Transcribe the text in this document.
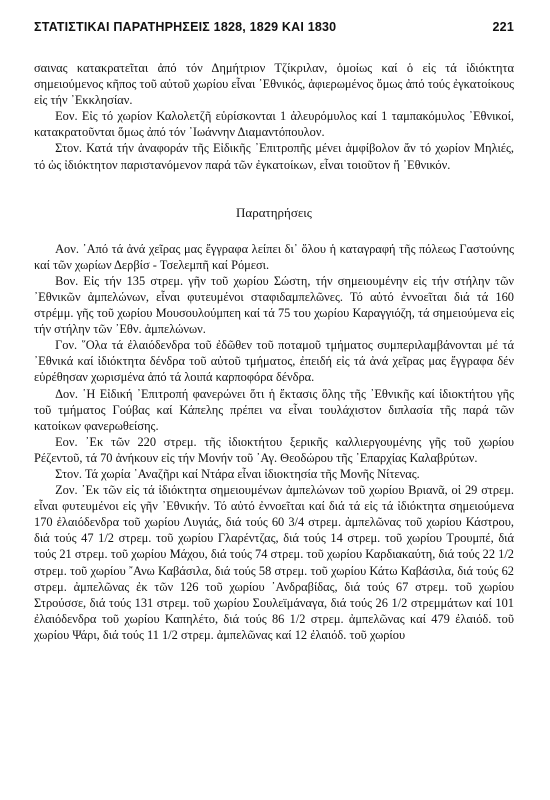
ΣΤΑΤΙΣΤΙΚΑΙ ΠΑΡΑΤΗΡΗΣΕΙΣ 1828, 1829 ΚΑΙ 1830	221

σαινας κατακρατεῖται ἀπό τόν Δημήτριον Τζίκριλαν, ὁμοίως καί ὁ εἰς τά ἰδιόκτητα σημειούμενος κῆπος τοῦ αὐτοῦ χωρίου εἶναι ᾿Εθνικός, ἀφιερωμένος ὅμως ἀπό τούς ἐγκατοίκους εἰς τήν ᾿Εκκλησίαν.

Εον. Εἰς τό χωρίον Καλολετζῆ εὑρίσκονται 1 ἀλευρόμυλος καί 1 ταμπακόμυλος ᾿Εθνικοί, κατακρατοῦνται ὅμως ἀπό τόν ᾿Ιωάννην Διαμαντόπουλον.

Στον. Κατά τήν ἀναφοράν τῆς Εἰδικῆς ᾿Επιτροπῆς μένει ἀμφίβολον ἄν τό χωρίον Μηλιές, τό ὡς ἰδιόκτητον παριστανόμενον παρά τῶν ἐγκατοίκων, εἶναι τοιοῦτον ἤ ᾿Εθνικόν.

Παρατηρήσεις

Αον. ᾿Από τά ἀνά χεῖρας μας ἔγγραφα λείπει δι᾿ ὅλου ἡ καταγραφή τῆς πόλεως Γαστούνης καί τῶν χωρίων Δερβίσ - Τσελεμπῆ καί Ρόμεσι.

Βον. Εἰς τήν 135 στρεμ. γῆν τοῦ χωρίου Σώστη, τήν σημειουμένην εἰς τήν στήλην τῶν ᾿Εθνικῶν ἀμπελώνων, εἶναι φυτευμένοι σταφιδαμπελῶνες. Τό αὐτό ἐννοεῖται διά τά 160 στρέμμ. γῆς τοῦ χωρίου Μουσουλούμπεη καί τά 75 του χωρίου Καραγγιόζη, τά σημειούμενα εἰς τήν στήλην τῶν ᾿Εθν. ἀμπελώνων.

Γον. ῞Ολα τά ἐλαιόδενδρα τοῦ ἐδῶθεν τοῦ ποταμοῦ τμήματος συμπεριλαμβάνονται μέ τά ᾿Εθνικά καί ἰδιόκτητα δένδρα τοῦ αὐτοῦ τμήματος, ἐπειδή εἰς τά ἀνά χεῖρας μας ἔγγραφα δέν εὑρέθησαν χωρισμένα ἀπό τά λοιπά καρποφόρα δένδρα.

Δον. ῾Η Εἰδική ᾿Επιτροπή φανερώνει ὅτι ἡ ἔκτασις ὅλης τῆς ᾿Εθνικῆς καί ἰδιοκτήτου γῆς τοῦ τμήματος Γούβας καί Κάπελης πρέπει να εἶναι τουλάχιστον διπλασία τῆς παρά τῶν κατοίκων φανερωθείσης.

Εον. ᾿Εκ τῶν 220 στρεμ. τῆς ἰδιοκτήτου ξερικῆς καλλιεργουμένης γῆς τοῦ χωρίου Ρέζεντοῦ, τά 70 ἀνήκουν εἰς τήν Μονήν τοῦ ᾿Αγ. Θεοδώρου τῆς ᾿Επαρχίας Καλαβρύτων.

Στον. Τά χωρία ᾿Αναζῆρι καί Ντάρα εἶναι ἰδιοκτησία τῆς Μονῆς Νίτενας.

Ζον. ᾿Εκ τῶν εἰς τά ἰδιόκτητα σημειουμένων ἀμπελώνων τοῦ χωρίου Βριανᾶ, οἱ 29 στρεμ. εἶναι φυτευμένοι εἰς γῆν ᾿Εθνικήν. Τό αὐτό ἐννοεῖται καί διά τά εἰς τά ἰδιόκτητα σημειούμενα 170 ἐλαιόδενδρα τοῦ χωρίου Λυγιάς, διά τούς 60 3/4 στρεμ. ἀμπελῶνας τοῦ χωρίου Κάστρου, διά τούς 47 1/2 στρεμ. τοῦ χωρίου Γλαρέντζας, διά τούς 14 στρεμ. τοῦ χωρίου Τρουμπέ, διά τούς 21 στρεμ. τοῦ χωρίου Μάχου, διά τούς 74 στρεμ. τοῦ χωρίου Καρδιακαύτη, διά τούς 22 1/2 στρεμ. τοῦ χωρίου ῎Ανω Καβάσιλα, διά τούς 58 στρεμ. τοῦ χωρίου Κάτω Καβάσιλα, διά τούς 62 στρεμ. ἀμπελῶνας ἐκ τῶν 126 τοῦ χωρίου ᾿Ανδραβίδας, διά τούς 67 στρεμ. τοῦ χωρίου Στρούσσε, διά τούς 131 στρεμ. τοῦ χωρίου Σουλεϊμάναγα, διά τούς 26 1/2 στρεμμάτων καί 101 ἐλαιόδενδρα τοῦ χωρίου Καπηλέτο, διά τούς 86 1/2 στρεμ. ἀμπελῶνας καί 479 ἐλαιόδ. τοῦ χωρίου Ψάρι, διά τούς 11 1/2 στρεμ. ἀμπελῶνας καί 12 ἐλαιόδ. τοῦ χωρίου
